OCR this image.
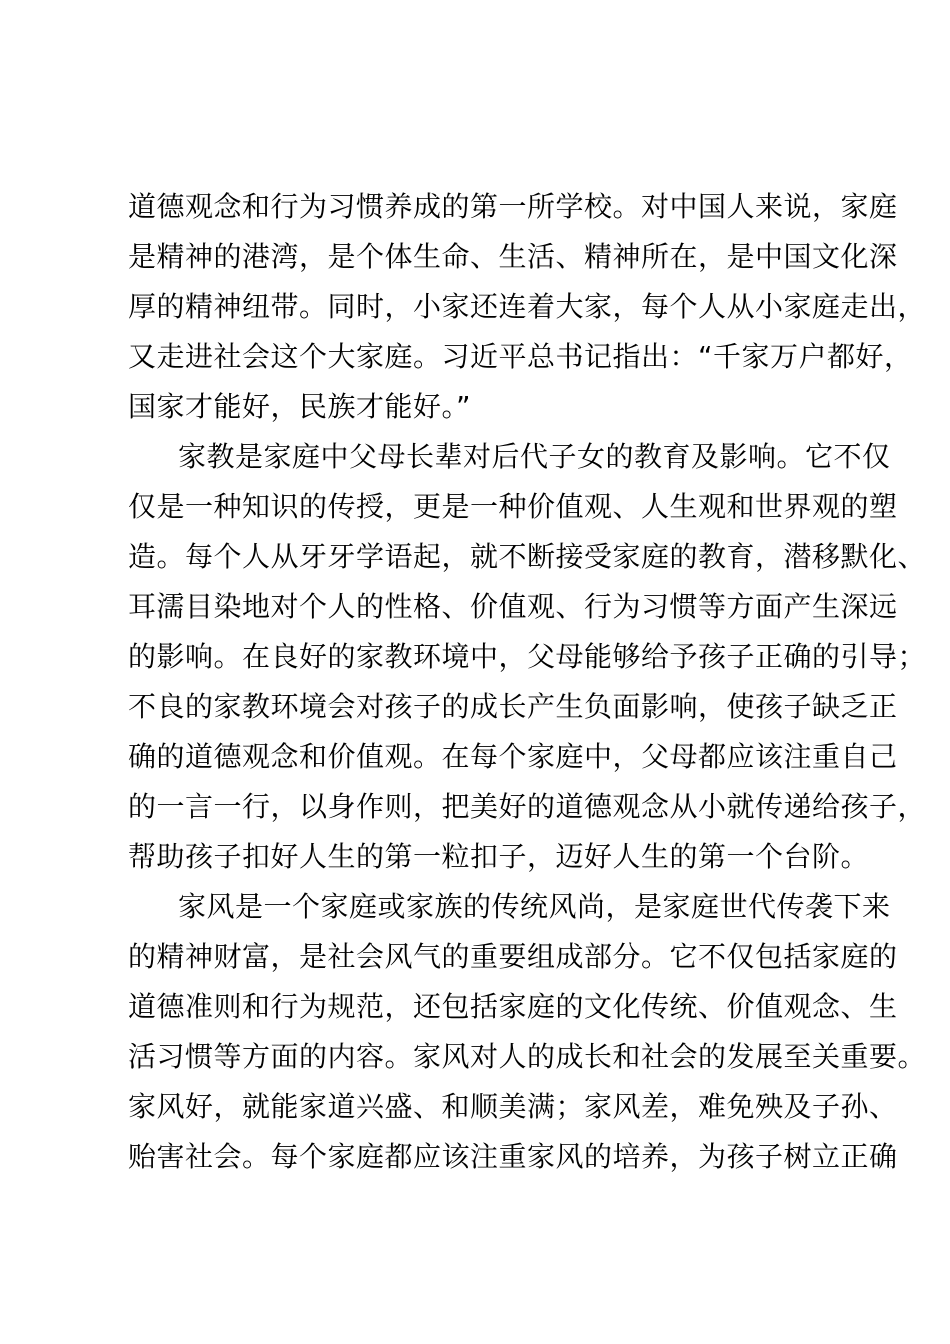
道德观念和行为习惯养成的第一所学校。对中国人来说，家庭
是精神的港湾，是个体生命、生活、精神所在，是中国文化深
厚的精神纽带。同时，小家还连着大家，每个人从小家庭走出，
又走进社会这个大家庭。习近平总书记指出：“千家万户都好，
国家才能好，民族才能好。”
家教是家庭中父母长辈对后代子女的教育及影响。它不仅
仅是一种知识的传授，更是一种价值观、人生观和世界观的塑
造。每个人从牙牙学语起，就不断接受家庭的教育，潜移默化、
耳濡目染地对个人的性格、价值观、行为习惯等方面产生深远
的影响。在良好的家教环境中，父母能够给予孩子正确的引导；
不良的家教环境会对孩子的成长产生负面影响，使孩子缺乏正
确的道德观念和价值观。在每个家庭中，父母都应该注重自己
的一言一行，以身作则，把美好的道德观念从小就传递给孩子，
帮助孩子扣好人生的第一粒扣子，迈好人生的第一个台阶。
家风是一个家庭或家族的传统风尚，是家庭世代传袭下来
的精神财富，是社会风气的重要组成部分。它不仅包括家庭的
道德准则和行为规范，还包括家庭的文化传统、价值观念、生
活习惯等方面的内容。家风对人的成长和社会的发展至关重要。
家风好，就能家道兴盛、和顺美满；家风差，难免殃及子孙、
贻害社会。每个家庭都应该注重家风的培养，为孩子树立正确
